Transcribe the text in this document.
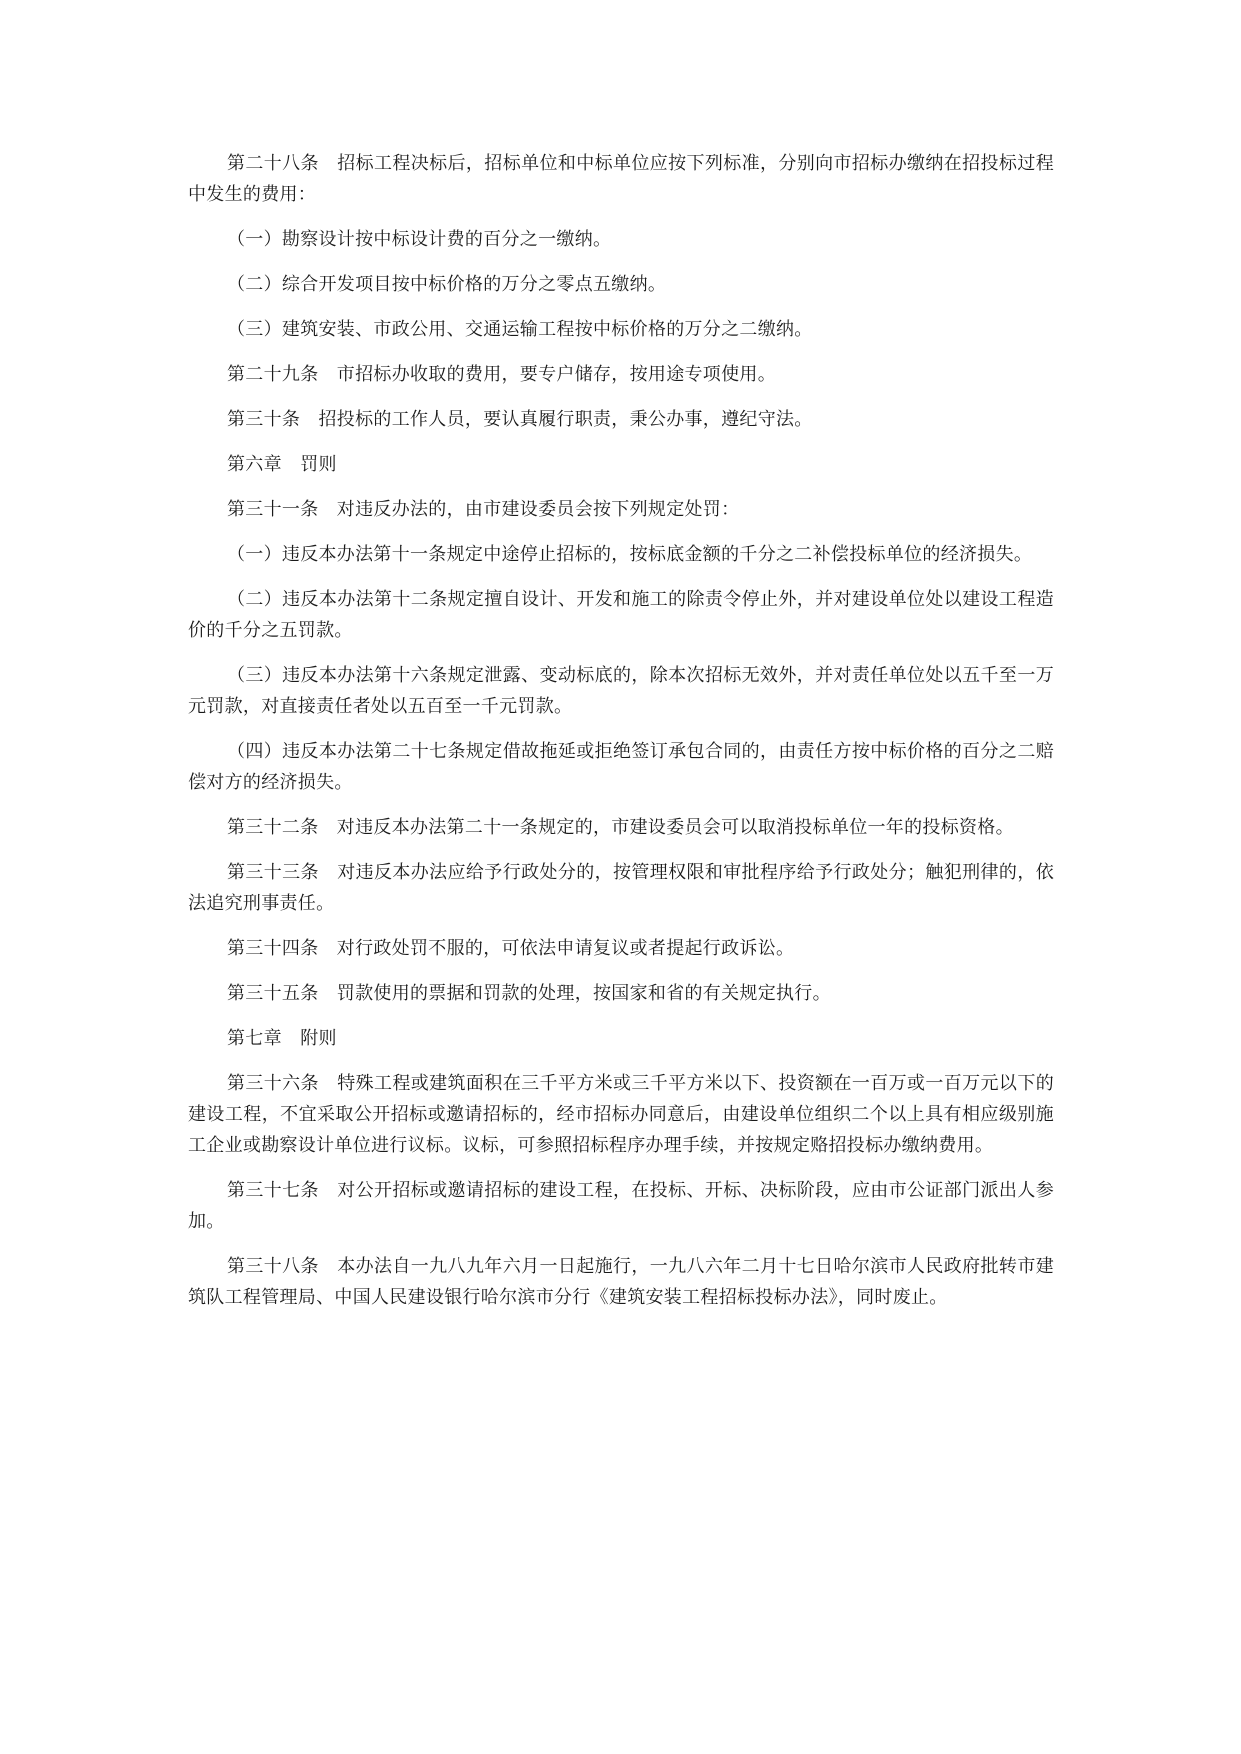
第二十八条　招标工程决标后，招标单位和中标单位应按下列标准，分别向市招标办缴纳在招投标过程中发生的费用：

（一）勘察设计按中标设计费的百分之一缴纳。

（二）综合开发项目按中标价格的万分之零点五缴纳。

（三）建筑安装、市政公用、交通运输工程按中标价格的万分之二缴纳。

第二十九条　市招标办收取的费用，要专户储存，按用途专项使用。

第三十条　招投标的工作人员，要认真履行职责，秉公办事，遵纪守法。

第六章　罚则

第三十一条　对违反办法的，由市建设委员会按下列规定处罚：

（一）违反本办法第十一条规定中途停止招标的，按标底金额的千分之二补偿投标单位的经济损失。

（二）违反本办法第十二条规定擅自设计、开发和施工的除责令停止外，并对建设单位处以建设工程造价的千分之五罚款。

（三）违反本办法第十六条规定泄露、变动标底的，除本次招标无效外，并对责任单位处以五千至一万元罚款，对直接责任者处以五百至一千元罚款。

（四）违反本办法第二十七条规定借故拖延或拒绝签订承包合同的，由责任方按中标价格的百分之二赔偿对方的经济损失。

第三十二条　对违反本办法第二十一条规定的，市建设委员会可以取消投标单位一年的投标资格。

第三十三条　对违反本办法应给予行政处分的，按管理权限和审批程序给予行政处分；触犯刑律的，依法追究刑事责任。

第三十四条　对行政处罚不服的，可依法申请复议或者提起行政诉讼。

第三十五条　罚款使用的票据和罚款的处理，按国家和省的有关规定执行。

第七章　附则

第三十六条　特殊工程或建筑面积在三千平方米或三千平方米以下、投资额在一百万或一百万元以下的建设工程，不宜采取公开招标或邀请招标的，经市招标办同意后，由建设单位组织二个以上具有相应级别施工企业或勘察设计单位进行议标。议标，可参照招标程序办理手续，并按规定赂招投标办缴纳费用。

第三十七条　对公开招标或邀请招标的建设工程，在投标、开标、决标阶段，应由市公证部门派出人参加。

第三十八条　本办法自一九八九年六月一日起施行，一九八六年二月十七日哈尔滨市人民政府批转市建筑队工程管理局、中国人民建设银行哈尔滨市分行《建筑安装工程招标投标办法》，同时废止。
